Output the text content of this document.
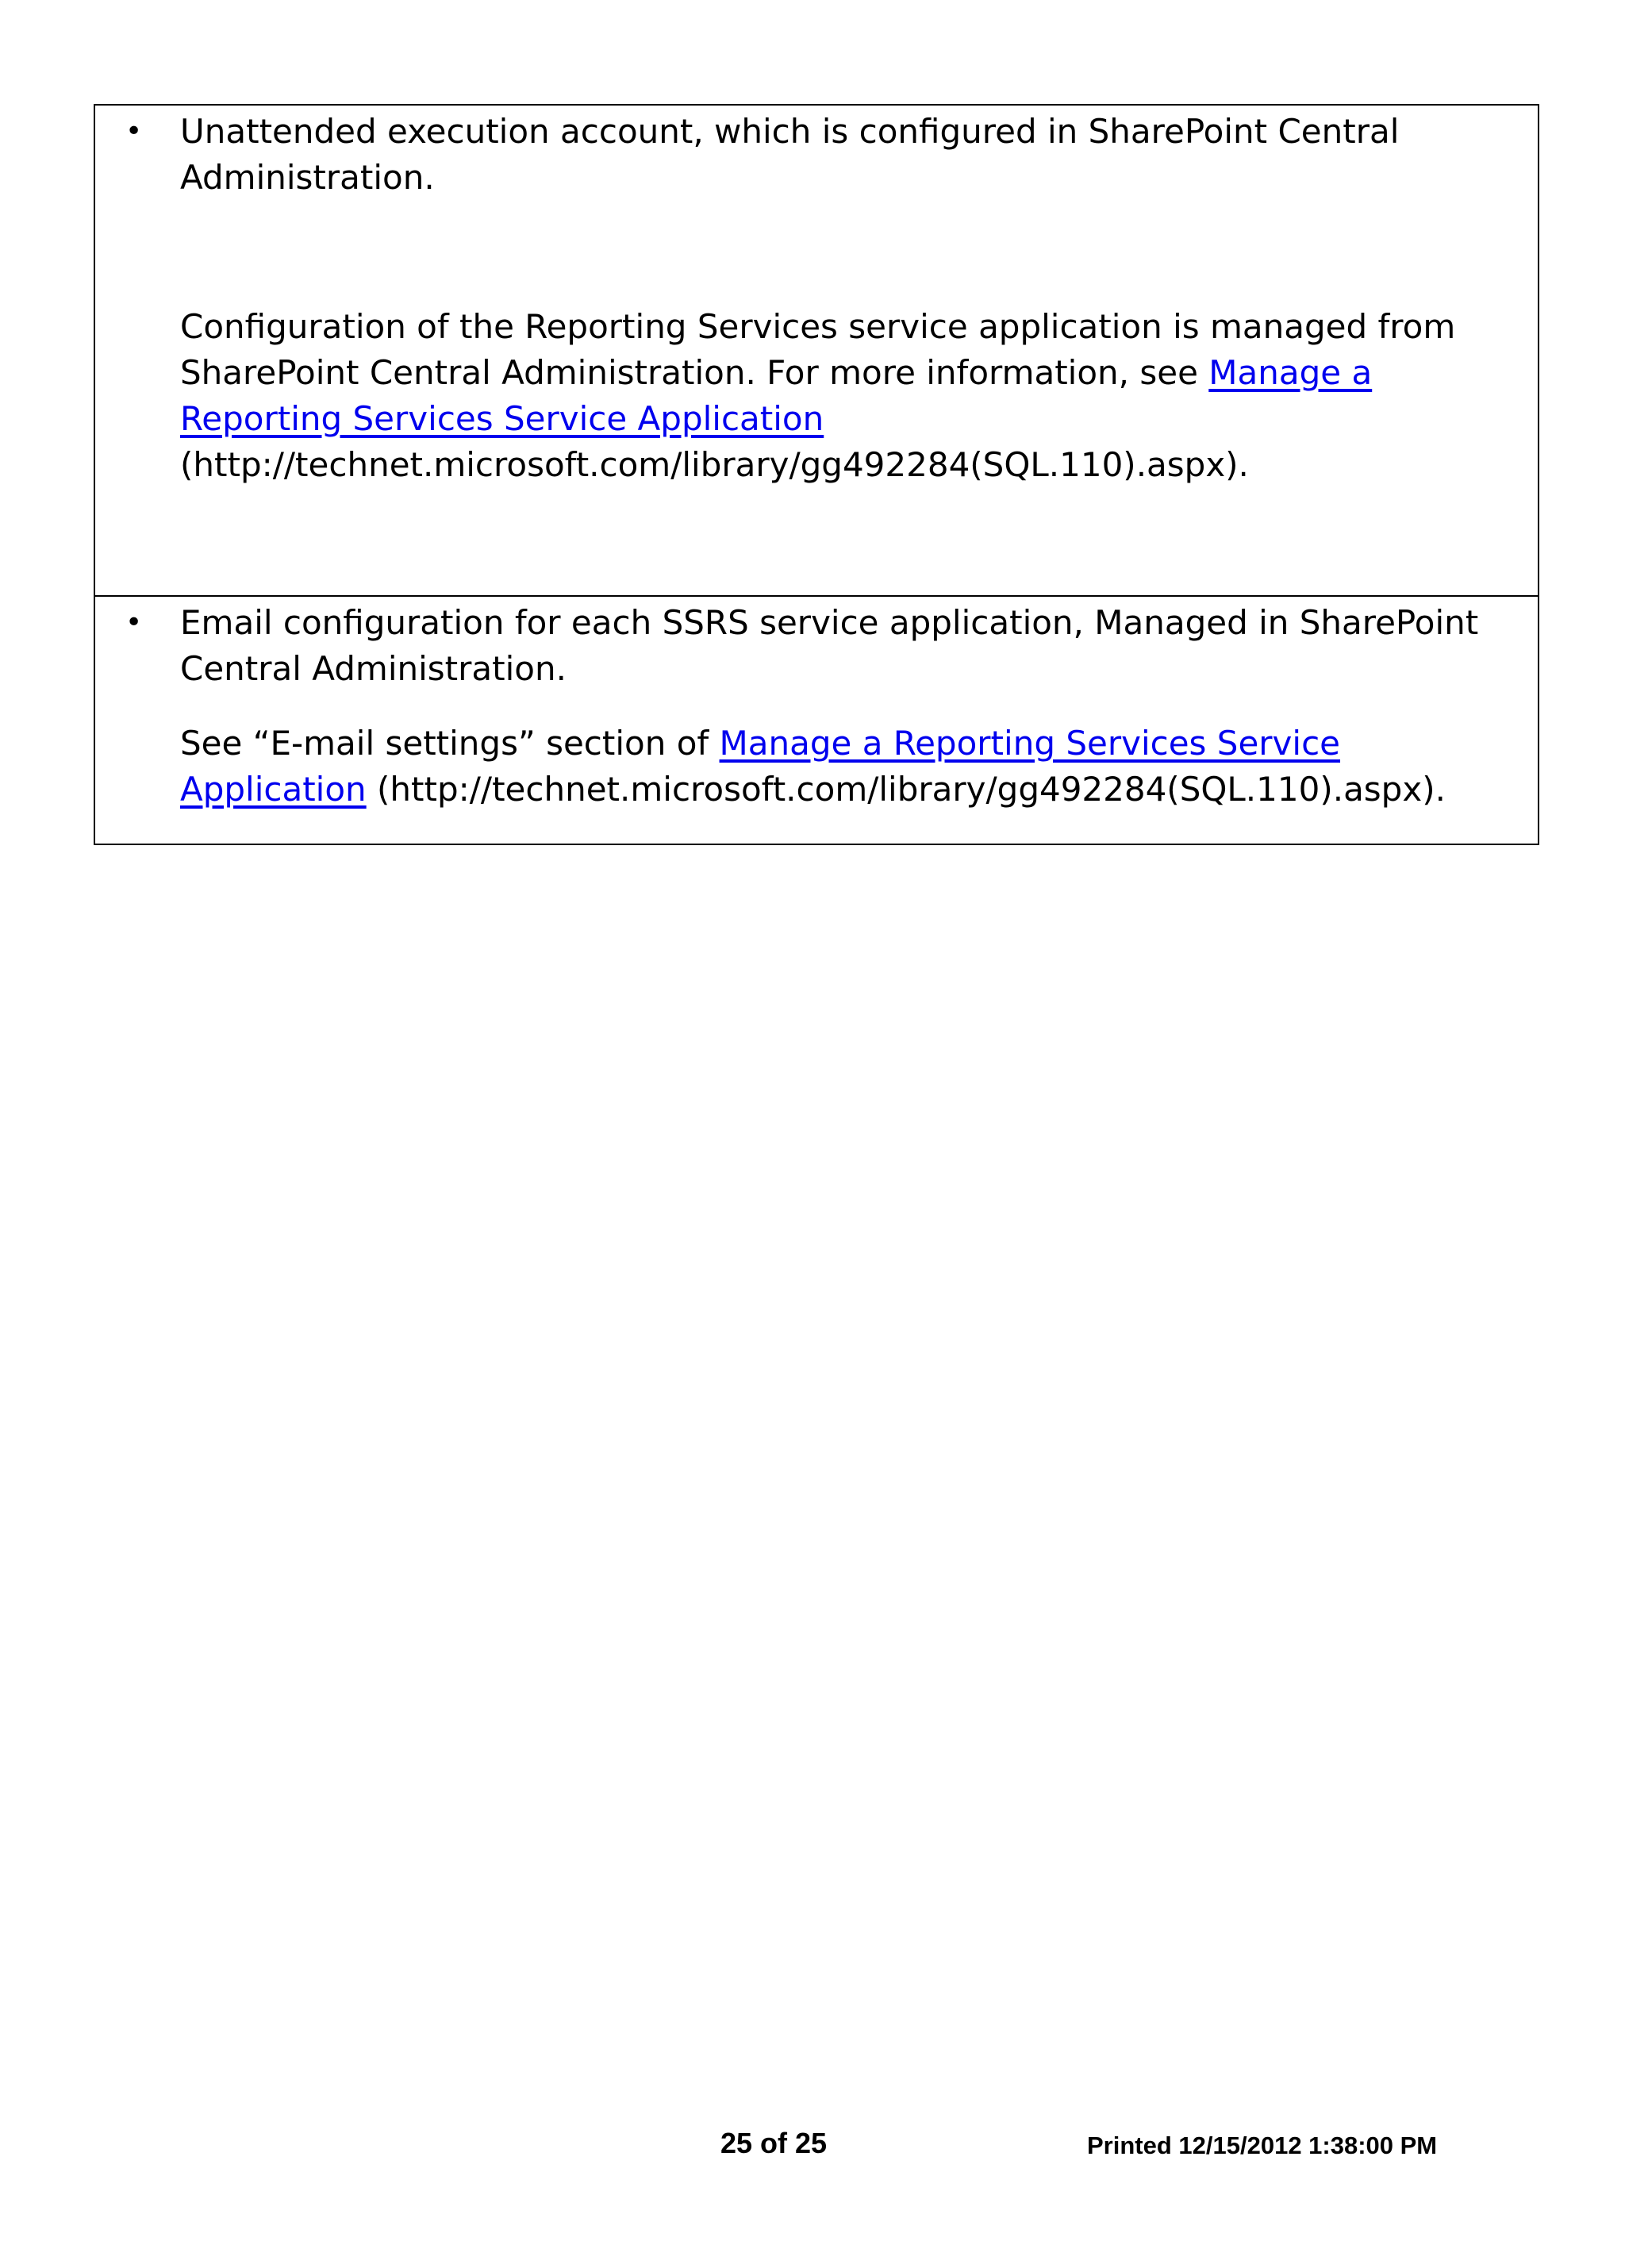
• Unattended execution account, which is configured in SharePoint Central Administration.

Configuration of the Reporting Services service application is managed from SharePoint Central Administration. For more information, see Manage a Reporting Services Service Application (http://technet.microsoft.com/library/gg492284(SQL.110).aspx).

• Email configuration for each SSRS service application, Managed in SharePoint Central Administration.

See “E-mail settings” section of Manage a Reporting Services Service Application (http://technet.microsoft.com/library/gg492284(SQL.110).aspx).

25 of 25	Printed 12/15/2012 1:38:00 PM
